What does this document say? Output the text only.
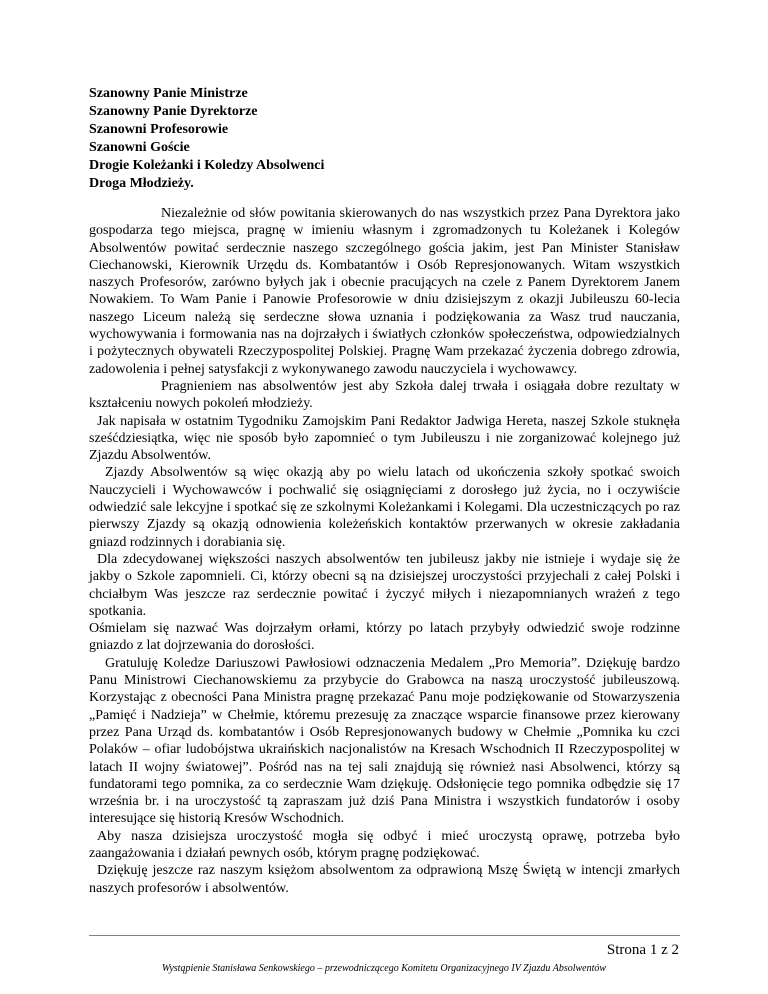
Szanowny Panie Ministrze
Szanowny Panie Dyrektorze
Szanowni Profesorowie
Szanowni Goście
Drogie Koleżanki i Koledzy Absolwenci
Droga Młodzieży.

Niezależnie od słów powitania skierowanych do nas wszystkich przez Pana Dyrektora jako gospodarza tego miejsca, pragnę w imieniu własnym i zgromadzonych tu Koleżanek i Kolegów Absolwentów powitać serdecznie naszego szczególnego gościa jakim, jest Pan Minister Stanisław Ciechanowski, Kierownik Urzędu ds. Kombatantów i Osób Represjonowanych. Witam wszystkich naszych Profesorów, zarówno byłych jak i obecnie pracujących na czele z Panem Dyrektorem Janem Nowakiem. To Wam Panie i Panowie Profesorowie w dniu dzisiejszym z okazji Jubileuszu 60-lecia naszego Liceum należą się serdeczne słowa uznania i podziękowania za Wasz trud nauczania, wychowywania i formowania nas na dojrzałych i światłych członków społeczeństwa, odpowiedzialnych i pożytecznych obywateli Rzeczypospolitej Polskiej. Pragnę Wam przekazać życzenia dobrego zdrowia, zadowolenia i pełnej satysfakcji z wykonywanego zawodu nauczyciela i wychowawcy.

Pragnieniem nas absolwentów jest aby Szkoła dalej trwała i osiągała dobre rezultaty w kształceniu nowych pokoleń młodzieży.

Jak napisała w ostatnim Tygodniku Zamojskim Pani Redaktor Jadwiga Hereta, naszej Szkole stuknęła sześćdziesiątka, więc nie sposób było zapomnieć o tym Jubileuszu i nie zorganizować kolejnego już Zjazdu Absolwentów.

Zjazdy Absolwentów są więc okazją aby po wielu latach od ukończenia szkoły spotkać swoich Nauczycieli i Wychowawców i pochwalić się osiągnięciami z dorosłego już życia, no i oczywiście odwiedzić sale lekcyjne i spotkać się ze szkolnymi Koleżankami i Kolegami. Dla uczestniczących po raz pierwszy Zjazdy są okazją odnowienia koleżeńskich kontaktów przerwanych w okresie zakładania gniazd rodzinnych i dorabiania się.

Dla zdecydowanej większości naszych absolwentów ten jubileusz jakby nie istnieje i wydaje się że jakby o Szkole zapomnieli. Ci, którzy obecni są na dzisiejszej uroczystości przyjechali z całej Polski i chciałbym Was jeszcze raz serdecznie powitać i życzyć miłych i niezapomnianych wrażeń z tego spotkania.

Ośmielam się nazwać Was dojrzałym orłami, którzy po latach przybyły odwiedzić swoje rodzinne gniazdo z lat dojrzewania do dorosłości.

Gratuluję Koledze Dariuszowi Pawłosiowi odznaczenia Medalem „Pro Memoria”. Dziękuję bardzo Panu Ministrowi Ciechanowskiemu za przybycie do Grabowca na naszą uroczystość jubileuszową. Korzystając z obecności Pana Ministra pragnę przekazać Panu moje podziękowanie od Stowarzyszenia „Pamięć i Nadzieja” w Chełmie, któremu prezesuję za znaczące wsparcie finansowe przez kierowany przez Pana Urząd ds. kombatantów i Osób Represjonowanych budowy w Chełmie „Pomnika ku czci Polaków – ofiar ludobójstwa ukraińskich nacjonalistów na Kresach Wschodnich II Rzeczypospolitej w latach II wojny światowej”. Pośród nas na tej sali znajdują się również nasi Absolwenci, którzy są fundatorami tego pomnika, za co serdecznie Wam dziękuję. Odsłonięcie tego pomnika odbędzie się 17 września br. i na uroczystość tą zapraszam już dziś Pana Ministra i wszystkich fundatorów i osoby interesujące się historią Kresów Wschodnich.

Aby nasza dzisiejsza uroczystość mogła się odbyć i mieć uroczystą oprawę, potrzeba było zaangażowania i działań pewnych osób, którym pragnę podziękować.

Dziękuję jeszcze raz naszym księżom absolwentom za odprawioną Mszę Świętą w intencji zmarłych naszych profesorów i absolwentów.

Strona 1 z 2
Wystąpienie Stanisława Senkowskiego – przewodniczącego Komitetu Organizacyjnego IV Zjazdu Absolwentów
